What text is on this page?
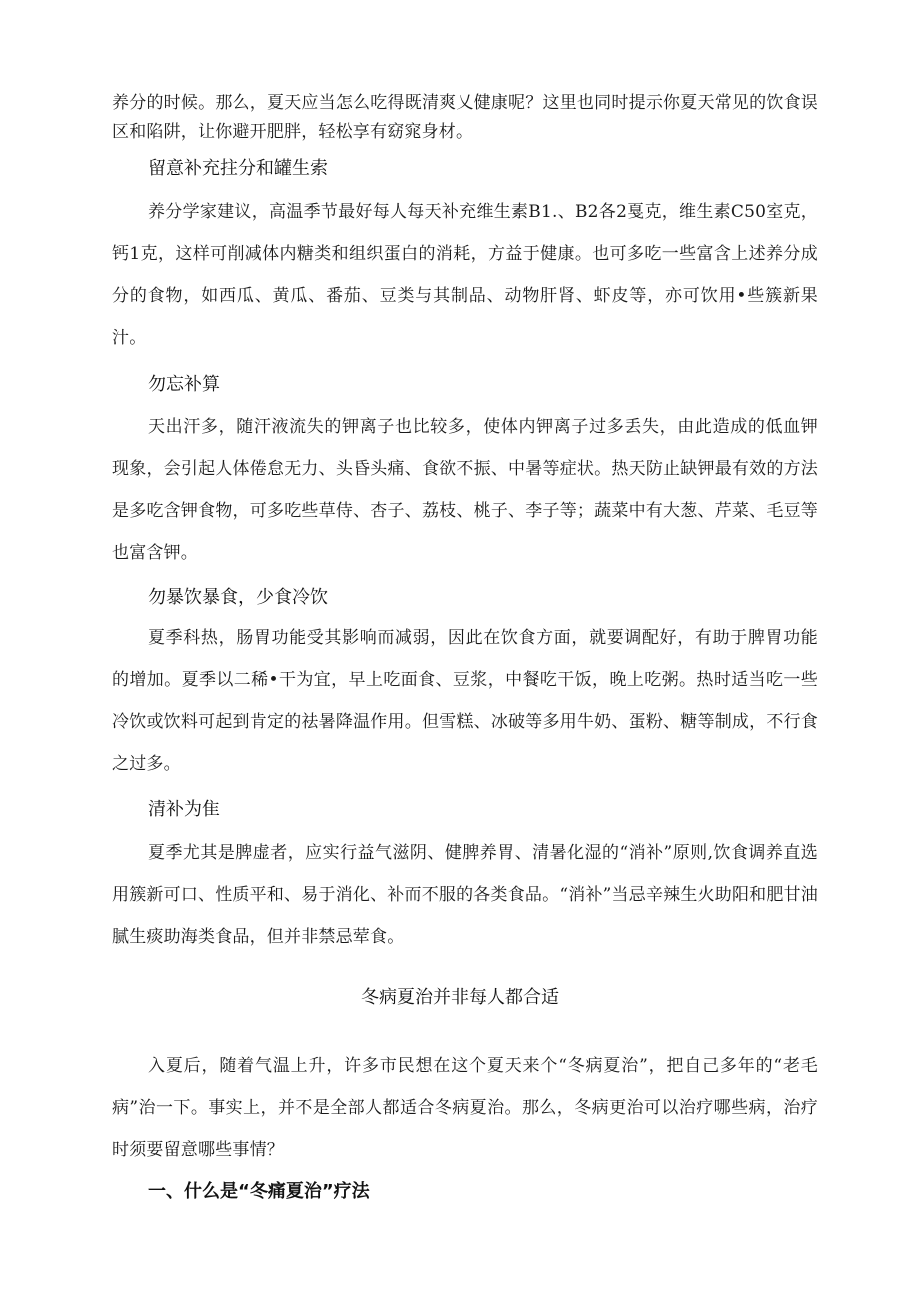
养分的时候。那么，夏天应当怎么吃得既清爽乂健康呢？这里也同时提示你夏天常见的饮食误区和陷阱，让你避开肥胖，轻松享有窈窕身材。

留意补充拄分和罐生索

养分学家建议，高温季节最好每人每天补充维生素B1.、B2各2戛克，维生素C50室克，钙1克，这样可削减体内糖类和组织蛋白的消耗，方益于健康。也可多吃一些富含上述养分成分的食物，如西瓜、黄瓜、番茄、豆类与其制品、动物肝肾、虾皮等，亦可饮用•些簇新果汁。

勿忘补算

天出汗多，随汗液流失的钾离子也比较多，使体内钾离子过多丢失，由此造成的低血钾现象，会引起人体倦怠无力、头昏头痛、食欲不振、中暑等症状。热天防止缺钾最有效的方法是多吃含钾食物，可多吃些草侍、杏子、荔枝、桃子、李子等；蔬菜中有大葱、芹菜、毛豆等也富含钾。

勿暴饮暴食，少食冷饮

夏季科热，肠胃功能受其影响而减弱，因此在饮食方面，就要调配好，有助于脾胃功能的增加。夏季以二稀•干为宜，早上吃面食、豆浆，中餐吃干饭，晚上吃粥。热时适当吃一些冷饮或饮料可起到肯定的祛暑降温作用。但雪糕、冰破等多用牛奶、蛋粉、糖等制成，不行食之过多。

清补为隹

夏季尤其是脾虚者，应实行益气滋阴、健脾养胃、清暑化湿的“消补”原则,饮食调养直选用簇新可口、性质平和、易于消化、补而不服的各类食品。“消补”当忌辛辣生火助阳和肥甘油腻生痰助海类食品，但并非禁忌荤食。

冬病夏治并非每人都合适

入夏后，随着气温上升，许多市民想在这个夏天来个“冬病夏治”，把自己多年的“老毛病”治一下。事实上，并不是全部人都适合冬病夏治。那么，冬病更治可以治疗哪些病，治疗时须要留意哪些事情？

一、什么是“冬痛夏治”疗法
